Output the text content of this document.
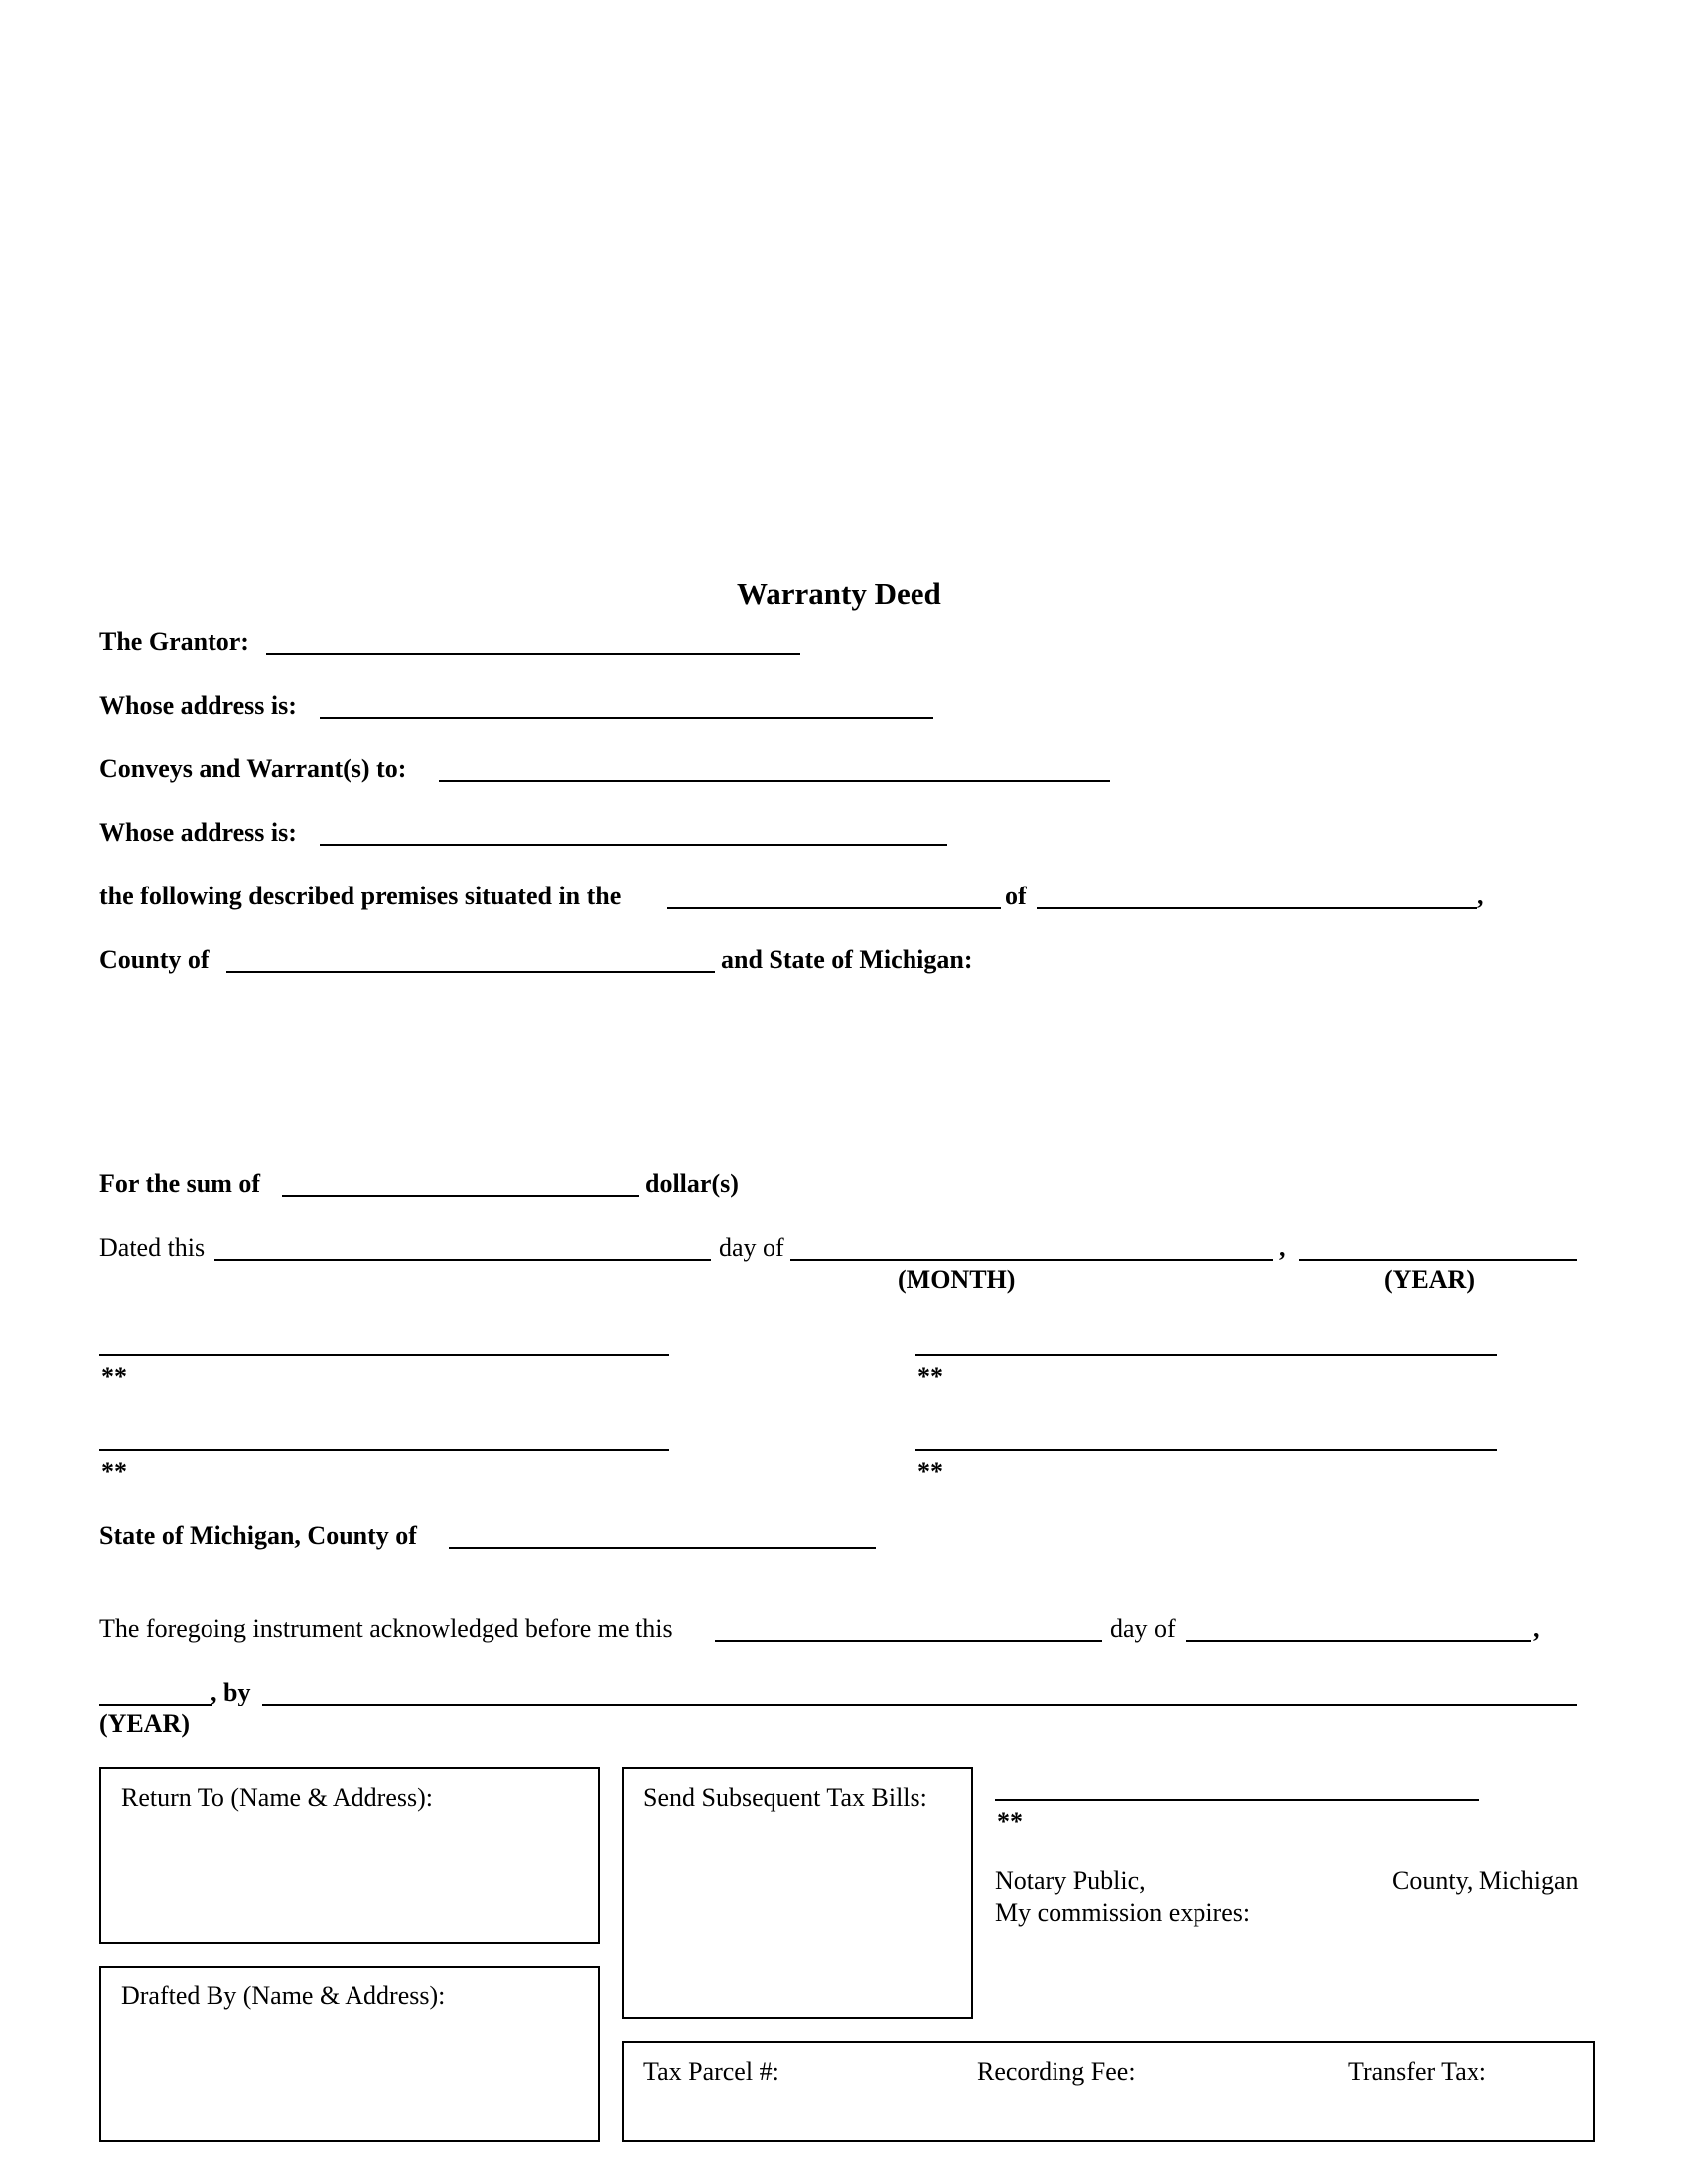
Warranty Deed
The Grantor:
Whose address is:
Conveys and Warrant(s) to:
Whose address is:
the following described premises situated in the	of	,
County of	and State of Michigan:
For the sum of	dollar(s)
Dated this	day of	,
(MONTH)	(YEAR)
**	**
**	**
State of Michigan, County of
The foregoing instrument acknowledged before me this	day of	,
, by
(YEAR)
Return To (Name & Address):	Send Subsequent Tax Bills:
Drafted By (Name & Address):
Tax Parcel #:	Recording Fee:	Transfer Tax:
**
Notary Public,	County, Michigan
My commission expires:
